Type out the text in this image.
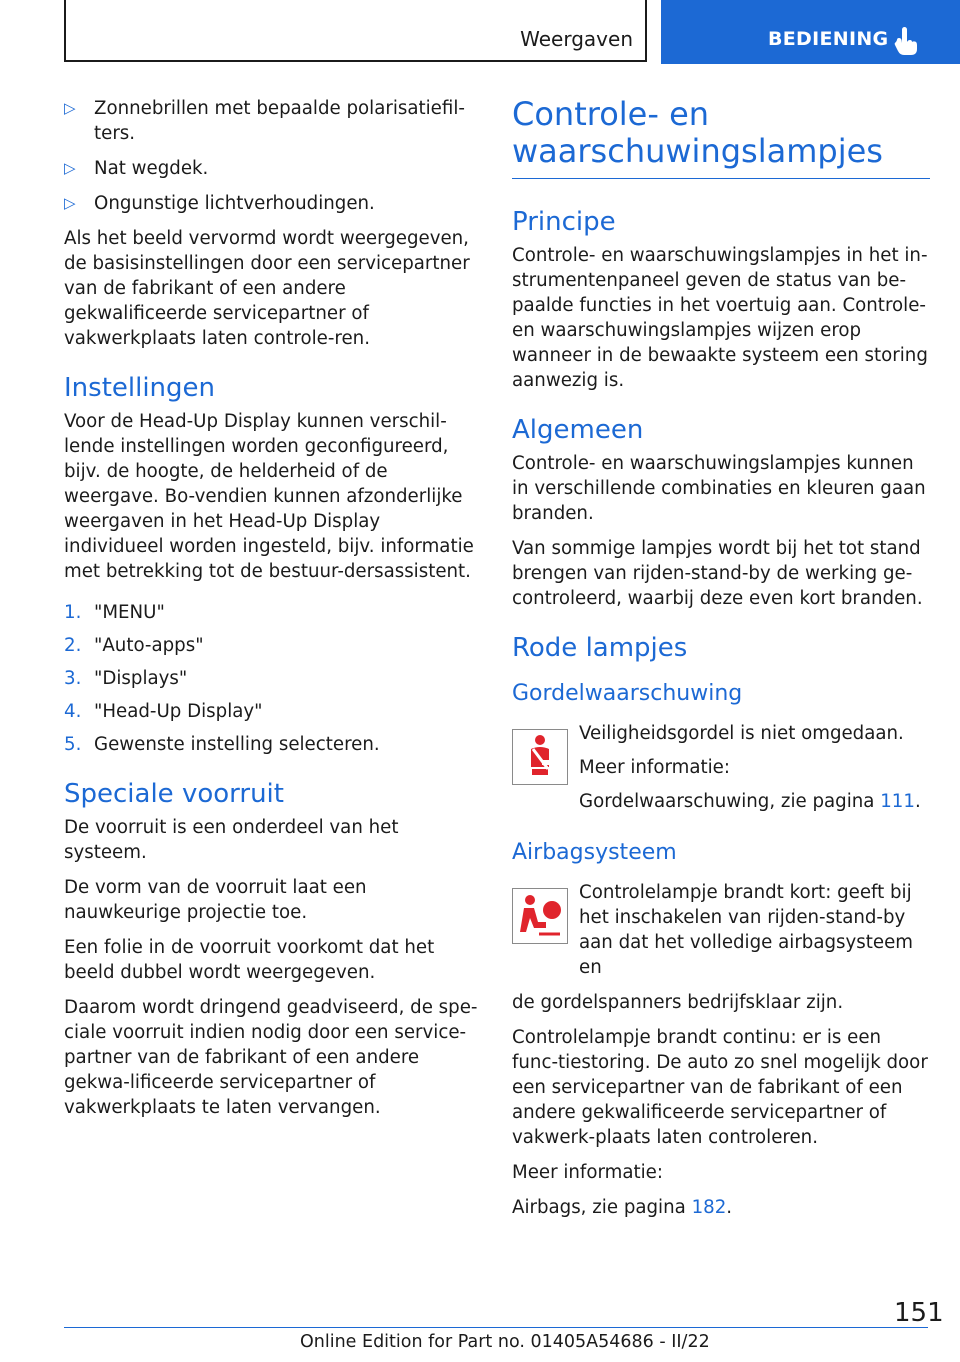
Weergaven	BEDIENING
▷ Zonnebrillen met bepaalde polarisatiefil-ters.
▷ Nat wegdek.
▷ Ongunstige lichtverhoudingen.

Als het beeld vervormd wordt weergegeven, de basisinstellingen door een servicepartner van de fabrikant of een andere gekwalificeerde servicepartner of vakwerkplaats laten controle-ren.

Instellingen

Voor de Head-Up Display kunnen verschil-lende instellingen worden geconfigureerd, bijv. de hoogte, de helderheid of de weergave. Bo-vendien kunnen afzonderlijke weergaven in het Head-Up Display individueel worden ingesteld, bijv. informatie met betrekking tot de bestuur-dersassistent.

1. "MENU"
2. "Auto-apps"
3. "Displays"
4. "Head-Up Display"
5. Gewenste instelling selecteren.
Speciale voorruit

De voorruit is een onderdeel van het systeem.

De vorm van de voorruit laat een nauwkeurige projectie toe.

Een folie in de voorruit voorkomt dat het beeld dubbel wordt weergegeven.

Daarom wordt dringend geadviseerd, de spe-ciale voorruit indien nodig door een service-partner van de fabrikant of een andere gekwa-lificeerde servicepartner of vakwerkplaats te laten vervangen.

Controle- en waarschuwingslampjes
Principe

Controle- en waarschuwingslampjes in het in-strumentenpaneel geven de status van be-paalde functies in het voertuig aan. Controle- en waarschuwingslampjes wijzen erop wanneer in de bewaakte systeem een storing aanwezig is.

Algemeen

Controle- en waarschuwingslampjes kunnen in verschillende combinaties en kleuren gaan branden.

Van sommige lampjes wordt bij het tot stand brengen van rijden-stand-by de werking ge-controleerd, waarbij deze even kort branden.

Rode lampjes
Gordelwaarschuwing

Veiligheidsgordel is niet omgedaan.

Meer informatie:

Gordelwaarschuwing, zie pagina 111.

Airbagsysteem

Controlelampje brandt kort: geeft bij het inschakelen van rijden-stand-by aan dat het volledige airbagsysteem en

de gordelspanners bedrijfsklaar zijn.

Controlelampje brandt continu: er is een func-tiestoring. De auto zo snel mogelijk door een servicepartner van de fabrikant of een andere gekwalificeerde servicepartner of vakwerk-plaats laten controleren.

Meer informatie:

Airbags, zie pagina 182.

151
Online Edition for Part no. 01405A54686 - II/22
